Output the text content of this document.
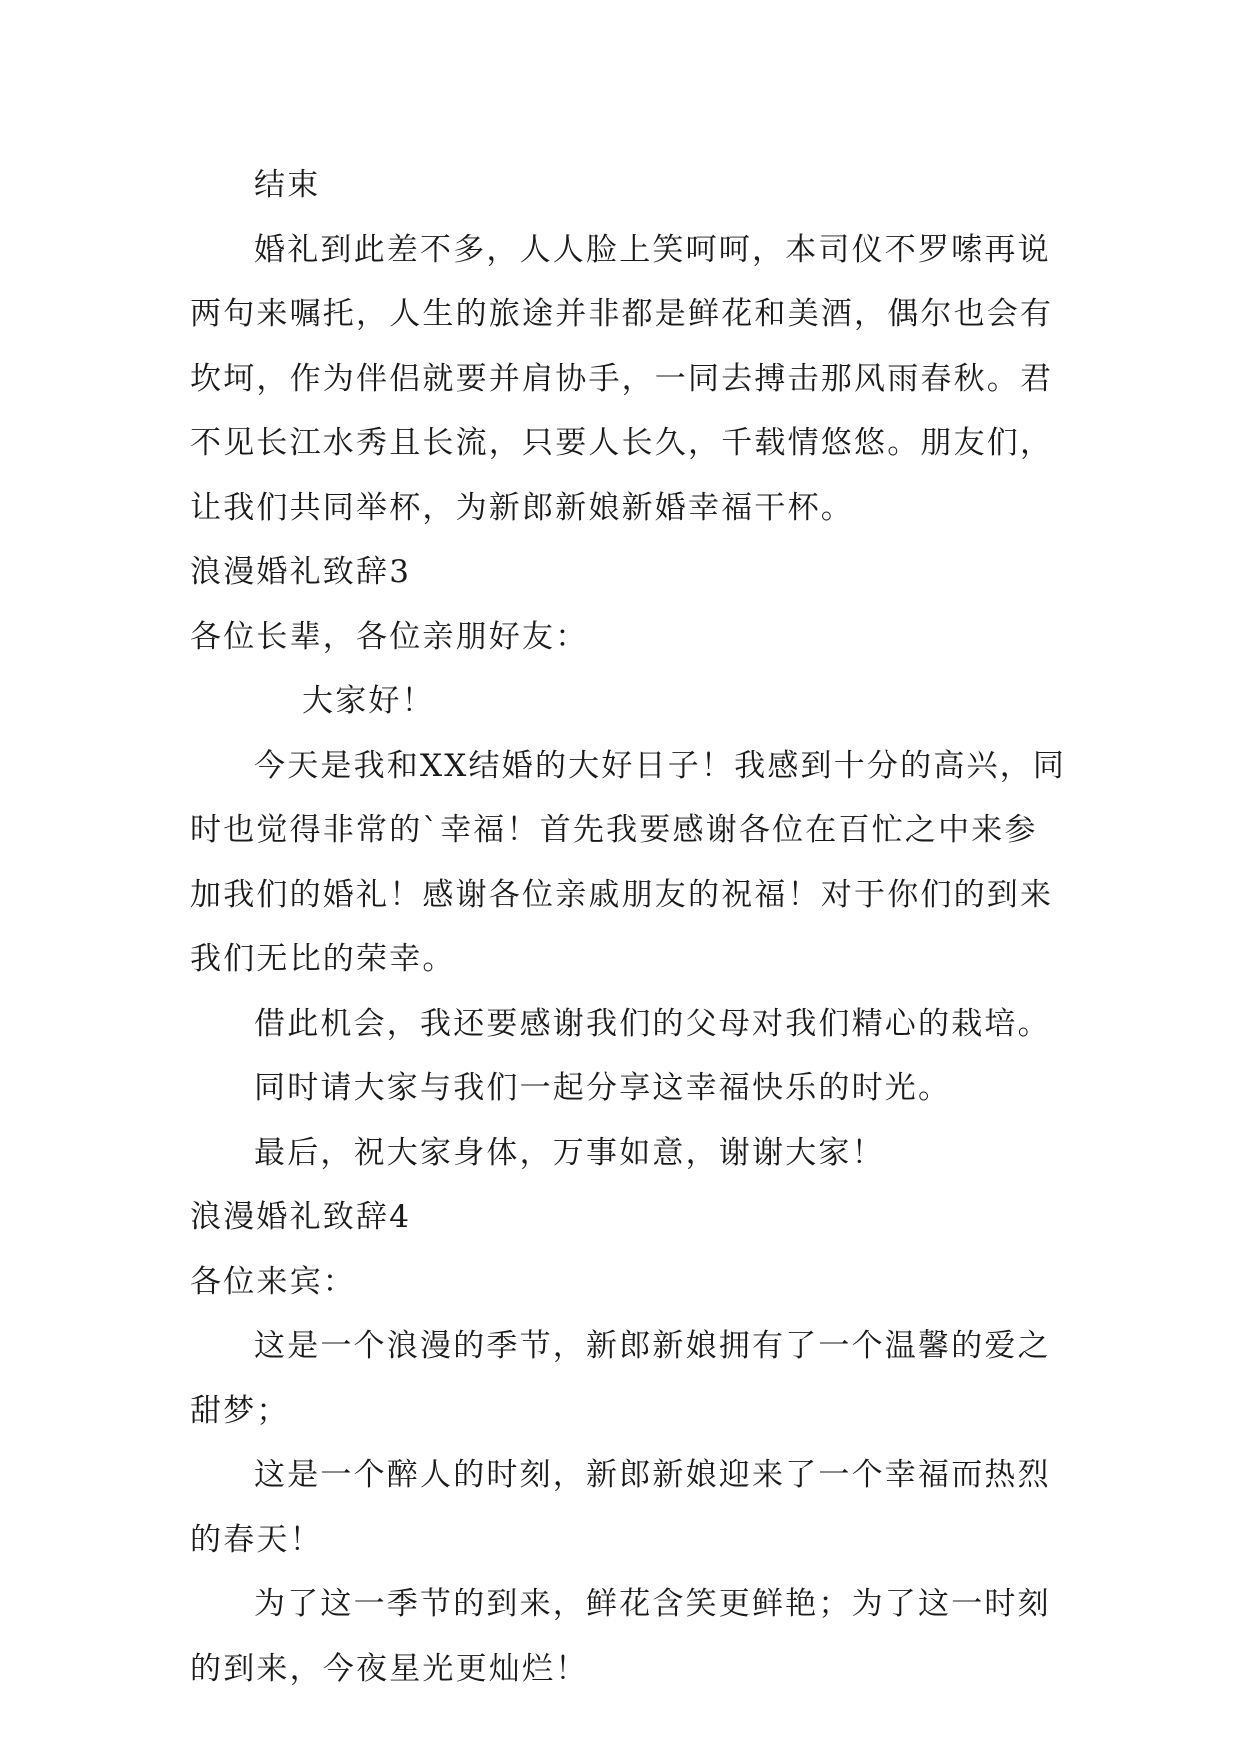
结束

婚礼到此差不多，人人脸上笑呵呵，本司仪不罗嗦再说两句来嘱托，人生的旅途并非都是鲜花和美酒，偶尔也会有坎坷，作为伴侣就要并肩协手，一同去搏击那风雨春秋。君不见长江水秀且长流，只要人长久，千载情悠悠。朋友们，让我们共同举杯，为新郎新娘新婚幸福干杯。

浪漫婚礼致辞3

各位长辈，各位亲朋好友：

大家好！

今天是我和XX结婚的大好日子！我感到十分的高兴，同时也觉得非常的`幸福！首先我要感谢各位在百忙之中来参加我们的婚礼！感谢各位亲戚朋友的祝福！对于你们的到来我们无比的荣幸。

借此机会，我还要感谢我们的父母对我们精心的栽培。

同时请大家与我们一起分享这幸福快乐的时光。

最后，祝大家身体，万事如意，谢谢大家！

浪漫婚礼致辞4

各位来宾：

这是一个浪漫的季节，新郎新娘拥有了一个温馨的爱之甜梦；

这是一个醉人的时刻，新郎新娘迎来了一个幸福而热烈的春天！

为了这一季节的到来，鲜花含笑更鲜艳；为了这一时刻的到来，今夜星光更灿烂！
